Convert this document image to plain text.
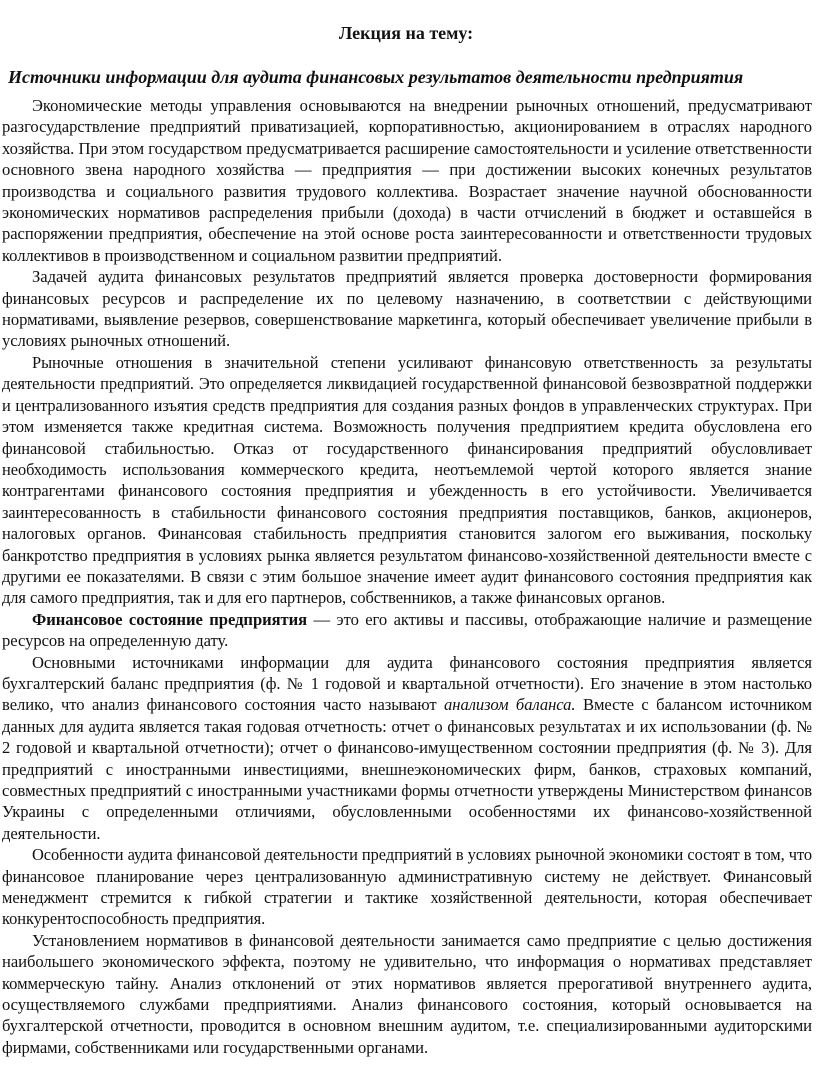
Лекция на тему:
Источники информации для аудита финансовых результатов деятельности предприятия

Экономические методы управления основываются на внедрении рыночных отношений, предусматривают разгосударствление предприятий приватизацией, корпоративностью, акционированием в отраслях народного хозяйства. При этом государством предусматривается расширение самостоятельности и усиление ответственности основного звена народного хозяйства — предприятия — при достижении высоких конечных результатов производства и социального развития трудового коллектива. Возрастает значение научной обоснованности экономических нормативов распределения прибыли (дохода) в части отчислений в бюджет и оставшейся в распоряжении предприятия, обеспечение на этой основе роста заинтересованности и ответственности трудовых коллективов в производственном и социальном развитии предприятий.

Задачей аудита финансовых результатов предприятий является проверка достоверности формирования финансовых ресурсов и распределение их по целевому назначению, в соответствии с действующими нормативами, выявление резервов, совершенствование маркетинга, который обеспечивает увеличение прибыли в условиях рыночных отношений.

Рыночные отношения в значительной степени усиливают финансовую ответственность за результаты деятельности предприятий. Это определяется ликвидацией государственной финансовой безвозвратной поддержки и централизованного изъятия средств предприятия для создания разных фондов в управленческих структурах. При этом изменяется также кредитная система. Возможность получения предприятием кредита обусловлена его финансовой стабильностью. Отказ от государственного финансирования предприятий обусловливает необходимость использования коммерческого кредита, неотъемлемой чертой которого является знание контрагентами финансового состояния предприятия и убежденность в его устойчивости. Увеличивается заинтересованность в стабильности финансового состояния предприятия поставщиков, банков, акционеров, налоговых органов. Финансовая стабильность предприятия становится залогом его выживания, поскольку банкротство предприятия в условиях рынка является результатом финансово-хозяйственной деятельности вместе с другими ее показателями. В связи с этим большое значение имеет аудит финансового состояния предприятия как для самого предприятия, так и для его партнеров, собственников, а также финансовых органов.

Финансовое состояние предприятия — это его активы и пассивы, отображающие наличие и размещение ресурсов на определенную дату.

Основными источниками информации для аудита финансового состояния предприятия является бухгалтерский баланс предприятия (ф. № 1 годовой и квартальной отчетности). Его значение в этом настолько велико, что анализ финансового состояния часто называют анализом баланса. Вместе с балансом источником данных для аудита является такая годовая отчетность: отчет о финансовых результатах и их использовании (ф. № 2 годовой и квартальной отчетности); отчет о финансово-имущественном состоянии предприятия (ф. № 3). Для предприятий с иностранными инвестициями, внешнеэкономических фирм, банков, страховых компаний, совместных предприятий с иностранными участниками формы отчетности утверждены Министерством финансов Украины с определенными отличиями, обусловленными особенностями их финансово-хозяйственной деятельности.

Особенности аудита финансовой деятельности предприятий в условиях рыночной экономики состоят в том, что финансовое планирование через централизованную административную систему не действует. Финансовый менеджмент стремится к гибкой стратегии и тактике хозяйственной деятельности, которая обеспечивает конкурентоспособность предприятия.

Установлением нормативов в финансовой деятельности занимается само предприятие с целью достижения наибольшего экономического эффекта, поэтому не удивительно, что информация о нормативах представляет коммерческую тайну. Анализ отклонений от этих нормативов является прерогативой внутреннего аудита, осуществляемого службами предприятиями. Анализ финансового состояния, который основывается на бухгалтерской отчетности, проводится в основном внешним аудитом, т.е. специализированными аудиторскими фирмами, собственниками или государственными органами.
